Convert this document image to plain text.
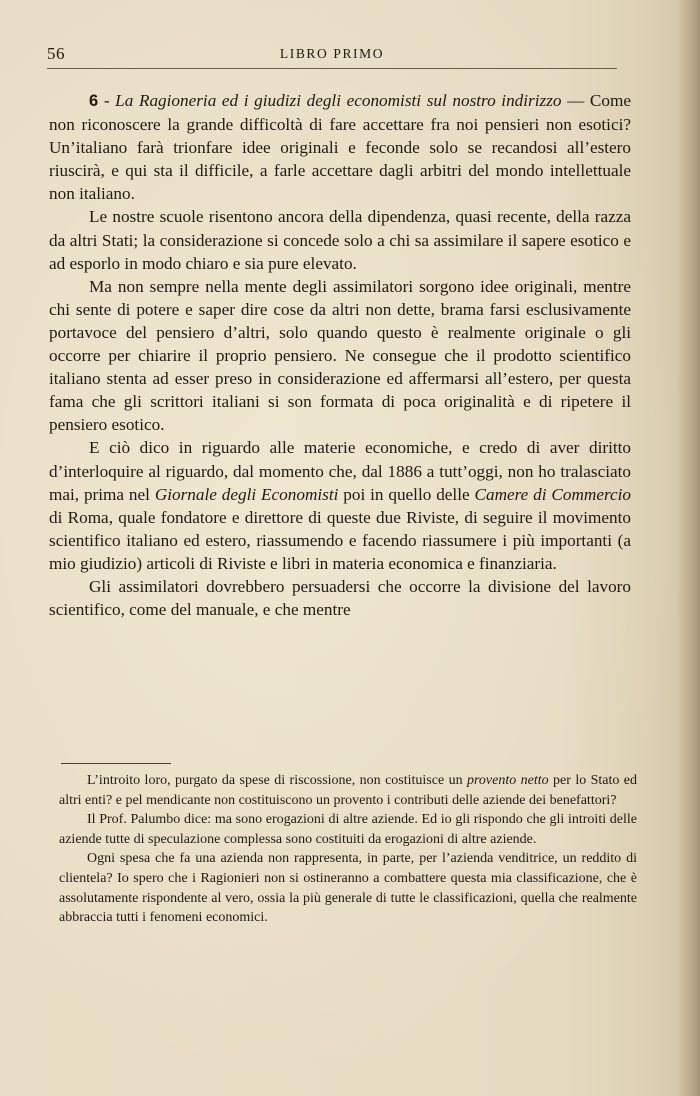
56	LIBRO PRIMO

6 - La Ragioneria ed i giudizi degli economisti sul nostro indirizzo — Come non riconoscere la grande difficoltà di fare accettare fra noi pensieri non esotici? Un’italiano farà trionfare idee originali e feconde solo se recandosi all’estero riuscirà, e qui sta il difficile, a farle accettare dagli arbitri del mondo intellettuale non italiano.

Le nostre scuole risentono ancora della dipendenza, quasi recente, della razza da altri Stati; la considerazione si concede solo a chi sa assimilare il sapere esotico e ad esporlo in modo chiaro e sia pure elevato.

Ma non sempre nella mente degli assimilatori sorgono idee originali, mentre chi sente di potere e saper dire cose da altri non dette, brama farsi esclusivamente portavoce del pensiero d’altri, solo quando questo è realmente originale o gli occorre per chiarire il proprio pensiero. Ne consegue che il prodotto scientifico italiano stenta ad esser preso in considerazione ed affermarsi all’estero, per questa fama che gli scrittori italiani si son formata di poca originalità e di ripetere il pensiero esotico.

E ciò dico in riguardo alle materie economiche, e credo di aver diritto d’interloquire al riguardo, dal momento che, dal 1886 a tutt’oggi, non ho tralasciato mai, prima nel Giornale degli Economisti poi in quello delle Camere di Commercio di Roma, quale fondatore e direttore di queste due Riviste, di seguire il movimento scientifico italiano ed estero, riassumendo e facendo riassumere i più importanti (a mio giudizio) articoli di Riviste e libri in materia economica e finanziaria.

Gli assimilatori dovrebbero persuadersi che occorre la divisione del lavoro scientifico, come del manuale, e che mentre

L’introito loro, purgato da spese di riscossione, non costituisce un provento netto per lo Stato ed altri enti? e pel mendicante non costituiscono un provento i contributi delle aziende dei benefattori?

Il Prof. Palumbo dice: ma sono erogazioni di altre aziende. Ed io gli rispondo che gli introiti delle aziende tutte di speculazione complessa sono costituiti da erogazioni di altre aziende.

Ogni spesa che fa una azienda non rappresenta, in parte, per l’azienda venditrice, un reddito di clientela? Io spero che i Ragionieri non si ostineranno a combattere questa mia classificazione, che è assolutamente rispondente al vero, ossia la più generale di tutte le classificazioni, quella che realmente abbraccia tutti i fenomeni economici.
